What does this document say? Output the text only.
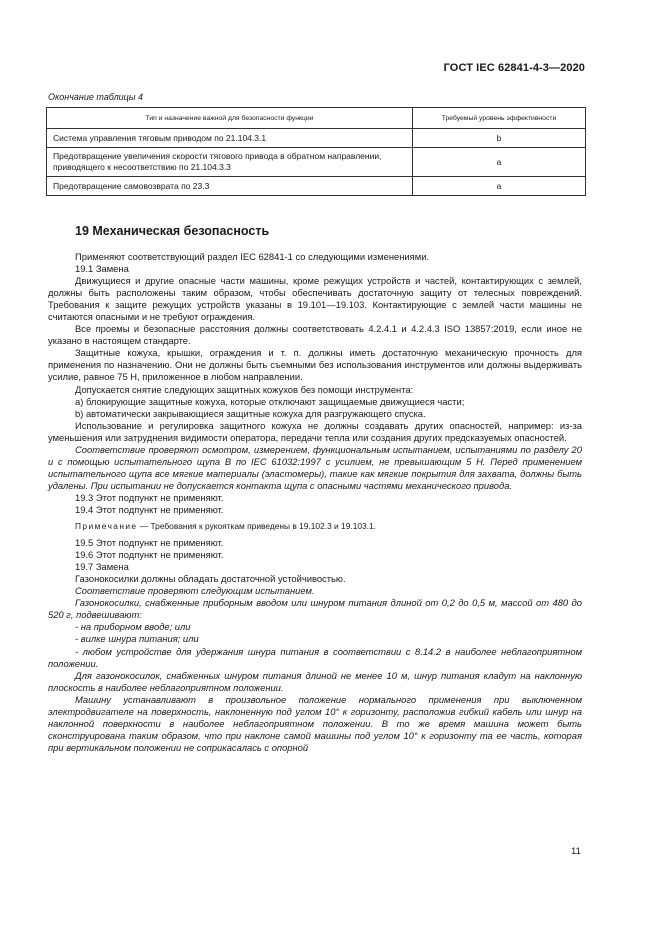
ГОСТ IEC 62841-4-3—2020
Окончание таблицы 4
Тип и назначение важной для безопасности функции	Требуемый уровень эффективности
Система управления тяговым приводом по 21.104.3.1	b
Предотвращение увеличения скорости тягового привода в обратном направлении, приводящего к несоответствию по 21.104.3.3	a
Предотвращение самовозврата по 23.3	a
19 Механическая безопасность

Применяют соответствующий раздел IEC 62841-1 со следующими изменениями.

19.1 Замена

Движущиеся и другие опасные части машины, кроме режущих устройств и частей, контактирующих с землей, должны быть расположены таким образом, чтобы обеспечивать достаточную защиту от телесных повреждений. Требования к защите режущих устройств указаны в 19.101—19.103. Контактирующие с землей части машины не считаются опасными и не требуют ограждения.

Все проемы и безопасные расстояния должны соответствовать 4.2.4.1 и 4.2.4.3 ISO 13857:2019, если иное не указано в настоящем стандарте.

Защитные кожуха, крышки, ограждения и т. п. должны иметь достаточную механическую прочность для применения по назначению. Они не должны быть съемными без использования инструментов или должны выдерживать усилие, равное 75 Н, приложенное в любом направлении.

Допускается снятие следующих защитных кожухов без помощи инструмента:

а) блокирующие защитные кожуха, которые отключают защищаемые движущиеся части;

b) автоматически закрывающиеся защитные кожуха для разгружающего спуска.

Использование и регулировка защитного кожуха не должны создавать других опасностей, например: из-за уменьшения или затруднения видимости оператора, передачи тепла или создания других предсказуемых опасностей.

Соответствие проверяют осмотром, измерением, функциональным испытанием, испытаниями по разделу 20 и с помощью испытательного щупа В по IEC 61032:1997 с усилием, не превышающим 5 Н. Перед применением испытательного щупа все мягкие материалы (эластомеры), такие как мягкие покрытия для захвата, должны быть удалены. При испытании не допускается контакта щупа с опасными частями механического привода.

19.3 Этот подпункт не применяют.

19.4 Этот подпункт не применяют.

Примечание — Требования к рукояткам приведены в 19.102.3 и 19.103.1.

19.5 Этот подпункт не применяют.

19.6 Этот подпункт не применяют.

19.7 Замена

Газонокосилки должны обладать достаточной устойчивостью.

Соответствие проверяют следующим испытанием.

Газонокосилки, снабженные приборным вводом или шнуром питания длиной от 0,2 до 0,5 м, массой от 480 до 520 г, подвешивают:

- на приборном вводе; или

- вилке шнура питания; или

- любом устройстве для удержания шнура питания в соответствии с 8.14.2 в наиболее неблагоприятном положении.

Для газонокосилок, снабженных шнуром питания длиной не менее 10 м, шнур питания кладут на наклонную плоскость в наиболее неблагоприятном положении.

Машину устанавливают в произвольное положение нормального применения при выключенном электродвигателе на поверхность, наклоненную под углом 10° к горизонту, расположив гибкий кабель или шнур на наклонной поверхности в наиболее неблагоприятном положении. В то же время машина может быть сконструирована таким образом, что при наклоне самой машины под углом 10° к горизонту та ее часть, которая при вертикальном положении не соприкасалась с опорной

11
